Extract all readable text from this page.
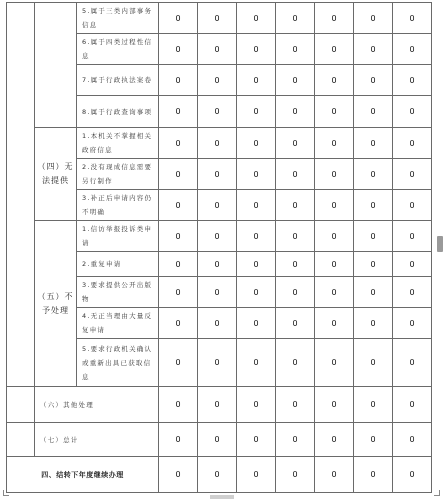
		5.属于三类内部事务信息	0	0	0	0	0	0	0
		6.属于四类过程性信息	0	0	0	0	0	0	0
		7.属于行政执法案卷	0	0	0	0	0	0	0
		8.属于行政查询事项	0	0	0	0	0	0	0
	（四）无法提供	1.本机关不掌握相关政府信息	0	0	0	0	0	0	0
		2.没有现成信息需要另行制作	0	0	0	0	0	0	0
		3.补正后申请内容仍不明确	0	0	0	0	0	0	0
	（五）不予处理	1.信访举报投诉类申请	0	0	0	0	0	0	0
		2.重复申请	0	0	0	0	0	0	0
		3.要求提供公开出版物	0	0	0	0	0	0	0
		4.无正当理由大量反复申请	0	0	0	0	0	0	0
		5.要求行政机关确认或重新出具已获取信息	0	0	0	0	0	0	0
	（六）其他处理		0	0	0	0	0	0	0
	（七）总计		0	0	0	0	0	0	0
四、结转下年度继续办理			0	0	0	0	0	0	0
